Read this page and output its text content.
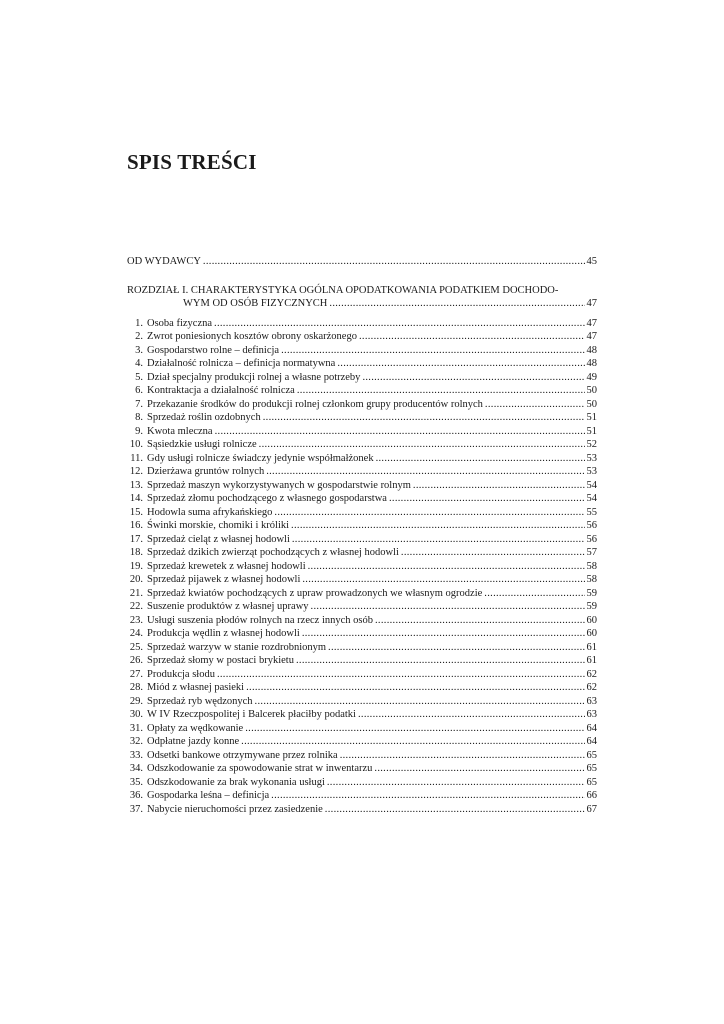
SPIS TREŚCI
OD WYDAWCY .....	45
ROZDZIAŁ I. CHARAKTERYSTYKA OGÓLNA OPODATKOWANIA PODATKIEM DOCHODO-
WYM OD OSÓB FIZYCZNYCH .....	47
1. Osoba fizyczna .....	47
2. Zwrot poniesionych kosztów obrony oskarżonego .....	47
3. Gospodarstwo rolne – definicja .....	48
4. Działalność rolnicza – definicja normatywna .....	48
5. Dział specjalny produkcji rolnej a własne potrzeby .....	49
6. Kontraktacja a działalność rolnicza .....	50
7. Przekazanie środków do produkcji rolnej członkom grupy producentów rolnych .....	50
8. Sprzedaż roślin ozdobnych .....	51
9. Kwota mleczna .....	51
10. Sąsiedzkie usługi rolnicze .....	52
11. Gdy usługi rolnicze świadczy jedynie współmałżonek .....	53
12. Dzierżawa gruntów rolnych .....	53
13. Sprzedaż maszyn wykorzystywanych w gospodarstwie rolnym .....	54
14. Sprzedaż złomu pochodzącego z własnego gospodarstwa .....	54
15. Hodowla suma afrykańskiego .....	55
16. Świnki morskie, chomiki i króliki .....	56
17. Sprzedaż cieląt z własnej hodowli .....	56
18. Sprzedaż dzikich zwierząt pochodzących z własnej hodowli .....	57
19. Sprzedaż krewetek z własnej hodowli .....	58
20. Sprzedaż pijawek z własnej hodowli .....	58
21. Sprzedaż kwiatów pochodzących z upraw prowadzonych we własnym ogrodzie .....	59
22. Suszenie produktów z własnej uprawy .....	59
23. Usługi suszenia płodów rolnych na rzecz innych osób .....	60
24. Produkcja wędlin z własnej hodowli .....	60
25. Sprzedaż warzyw w stanie rozdrobnionym .....	61
26. Sprzedaż słomy w postaci brykietu .....	61
27. Produkcja słodu .....	62
28. Miód z własnej pasieki .....	62
29. Sprzedaż ryb wędzonych .....	63
30. W IV Rzeczpospolitej i Balcerek płaciłby podatki .....	63
31. Opłaty za wędkowanie .....	64
32. Odpłatne jazdy konne .....	64
33. Odsetki bankowe otrzymywane przez rolnika .....	65
34. Odszkodowanie za spowodowanie strat w inwentarzu .....	65
35. Odszkodowanie za brak wykonania usługi .....	65
36. Gospodarka leśna – definicja .....	66
37. Nabycie nieruchomości przez zasiedzenie .....	67
